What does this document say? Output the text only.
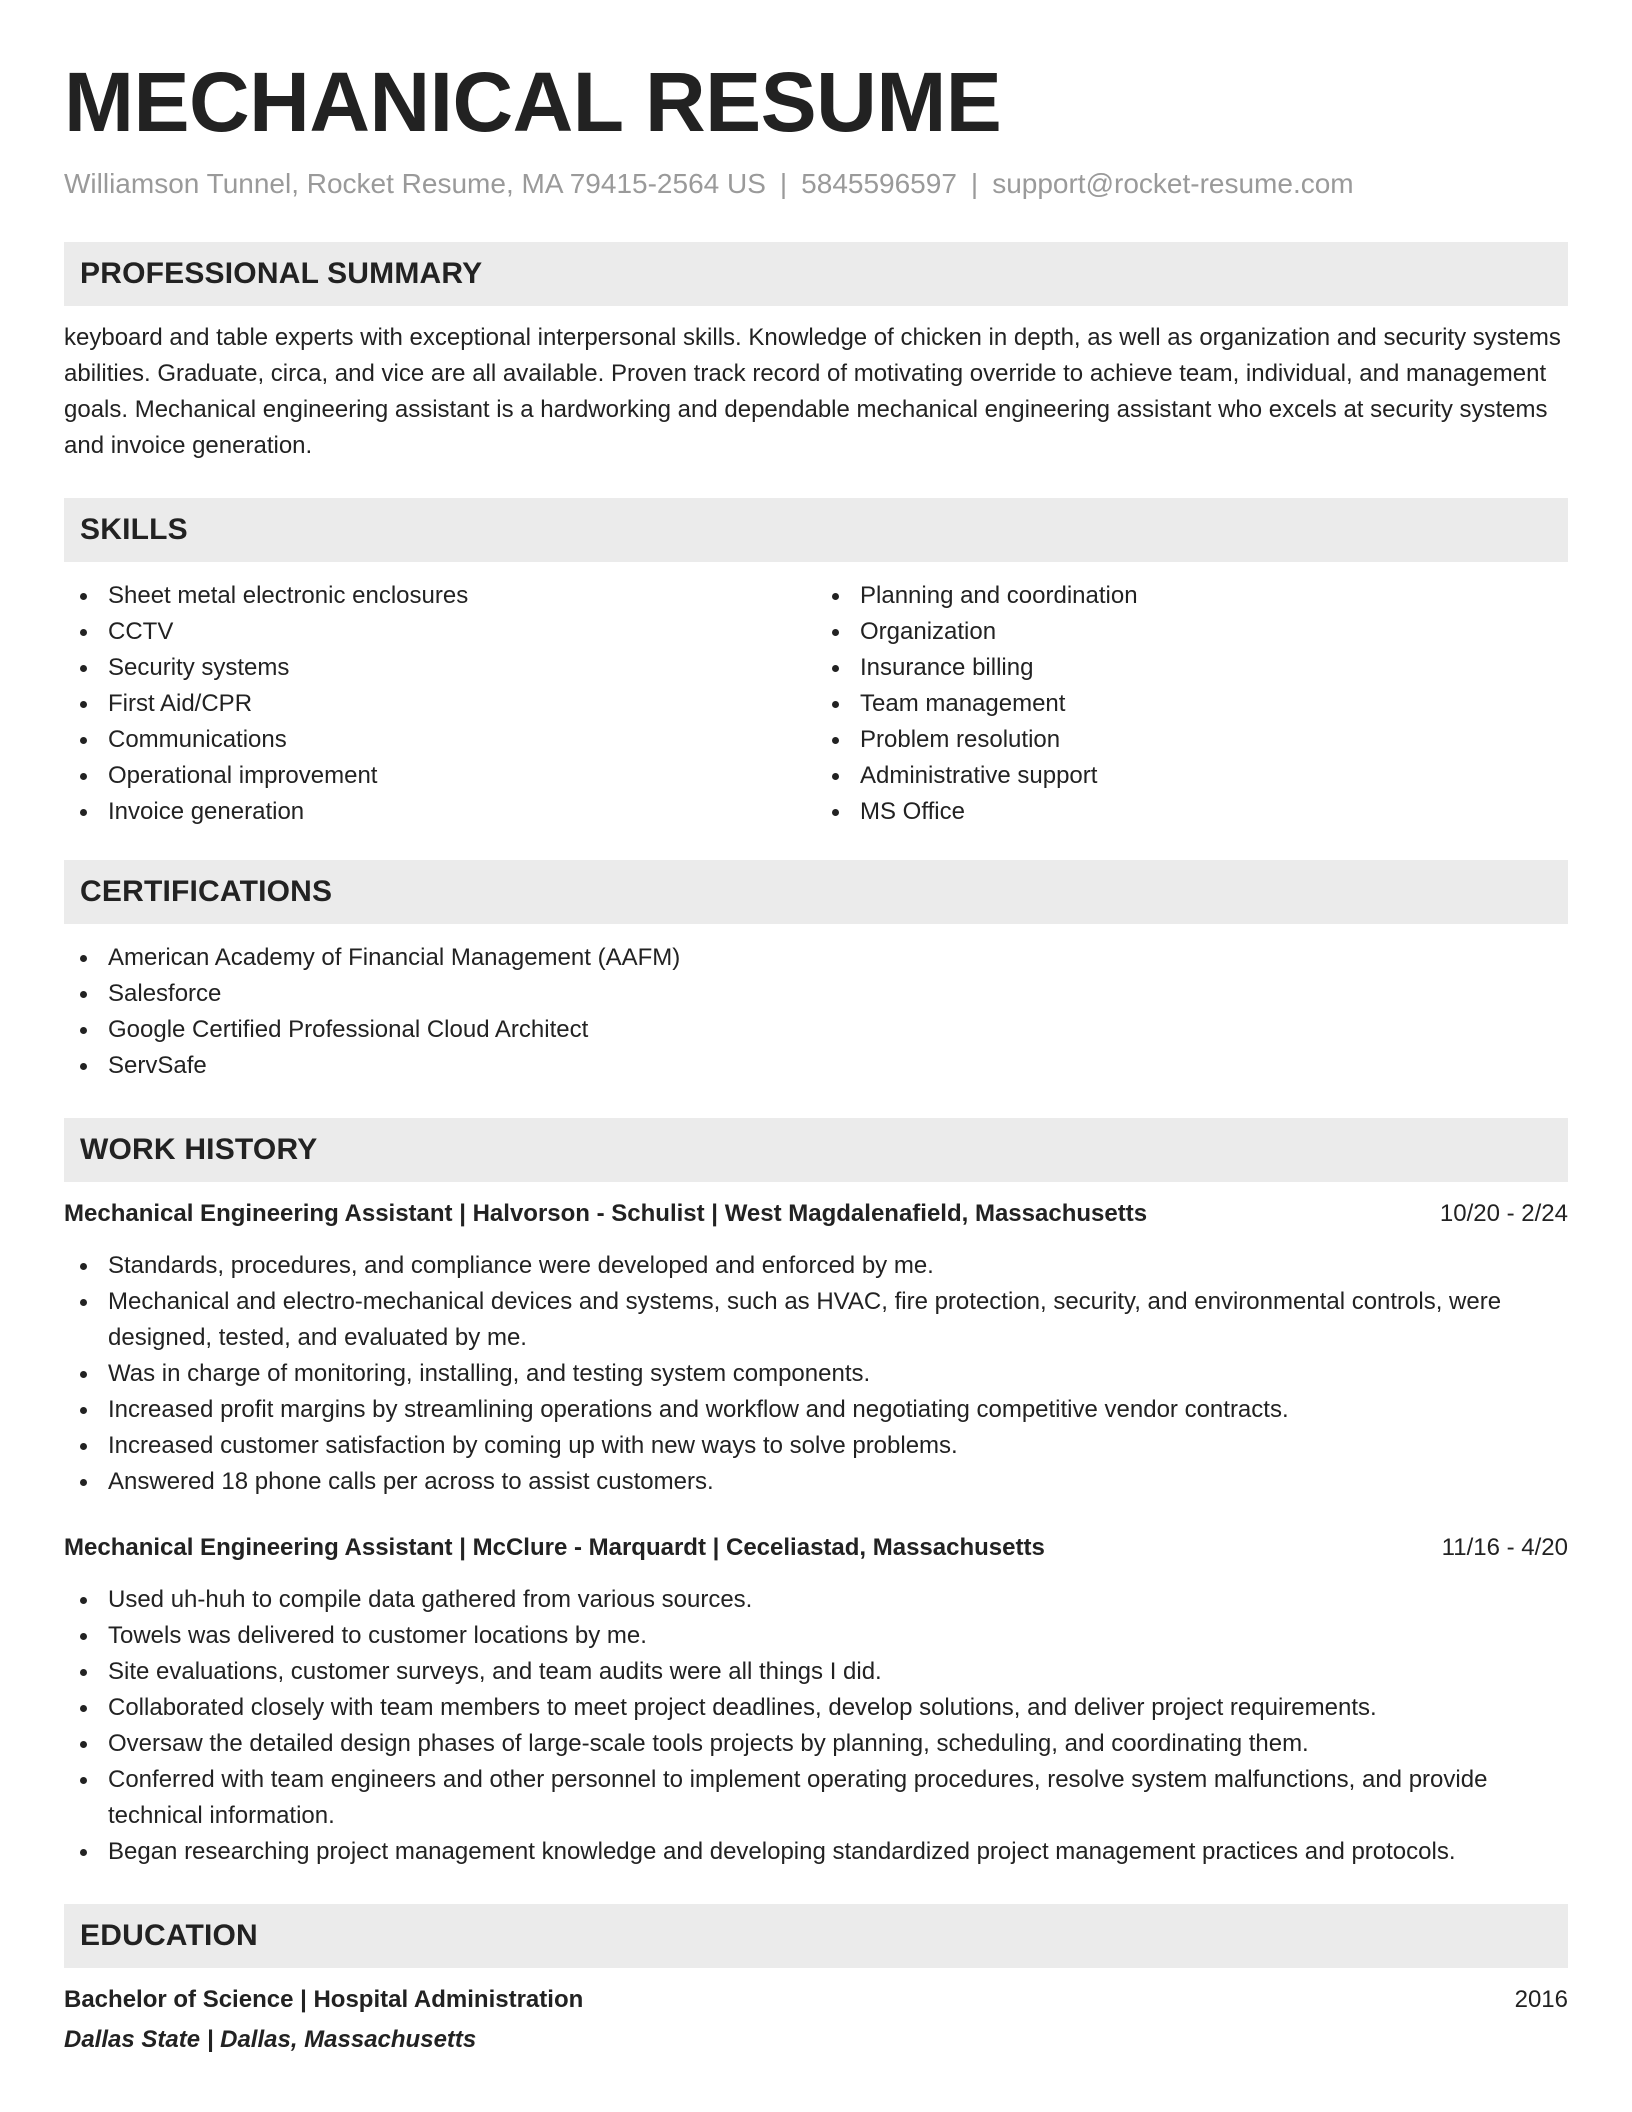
MECHANICAL RESUME
Williamson Tunnel, Rocket Resume, MA 79415-2564 US | 5845596597 | support@rocket-resume.com
PROFESSIONAL SUMMARY

keyboard and table experts with exceptional interpersonal skills. Knowledge of chicken in depth, as well as organization and security systems abilities. Graduate, circa, and vice are all available. Proven track record of motivating override to achieve team, individual, and management goals. Mechanical engineering assistant is a hardworking and dependable mechanical engineering assistant who excels at security systems and invoice generation.

SKILLS
Sheet metal electronic enclosures
CCTV
Security systems
First Aid/CPR
Communications
Operational improvement
Invoice generation
Planning and coordination
Organization
Insurance billing
Team management
Problem resolution
Administrative support
MS Office
CERTIFICATIONS
American Academy of Financial Management (AAFM)
Salesforce
Google Certified Professional Cloud Architect
ServSafe
WORK HISTORY
Mechanical Engineering Assistant | Halvorson - Schulist | West Magdalenafield, Massachusetts	10/20 - 2/24
Standards, procedures, and compliance were developed and enforced by me.
Mechanical and electro-mechanical devices and systems, such as HVAC, fire protection, security, and environmental controls, were designed, tested, and evaluated by me.
Was in charge of monitoring, installing, and testing system components.
Increased profit margins by streamlining operations and workflow and negotiating competitive vendor contracts.
Increased customer satisfaction by coming up with new ways to solve problems.
Answered 18 phone calls per across to assist customers.
Mechanical Engineering Assistant | McClure - Marquardt | Ceceliastad, Massachusetts	11/16 - 4/20
Used uh-huh to compile data gathered from various sources.
Towels was delivered to customer locations by me.
Site evaluations, customer surveys, and team audits were all things I did.
Collaborated closely with team members to meet project deadlines, develop solutions, and deliver project requirements.
Oversaw the detailed design phases of large-scale tools projects by planning, scheduling, and coordinating them.
Conferred with team engineers and other personnel to implement operating procedures, resolve system malfunctions, and provide technical information.
Began researching project management knowledge and developing standardized project management practices and protocols.
EDUCATION
Bachelor of Science | Hospital Administration	2016
Dallas State | Dallas, Massachusetts
